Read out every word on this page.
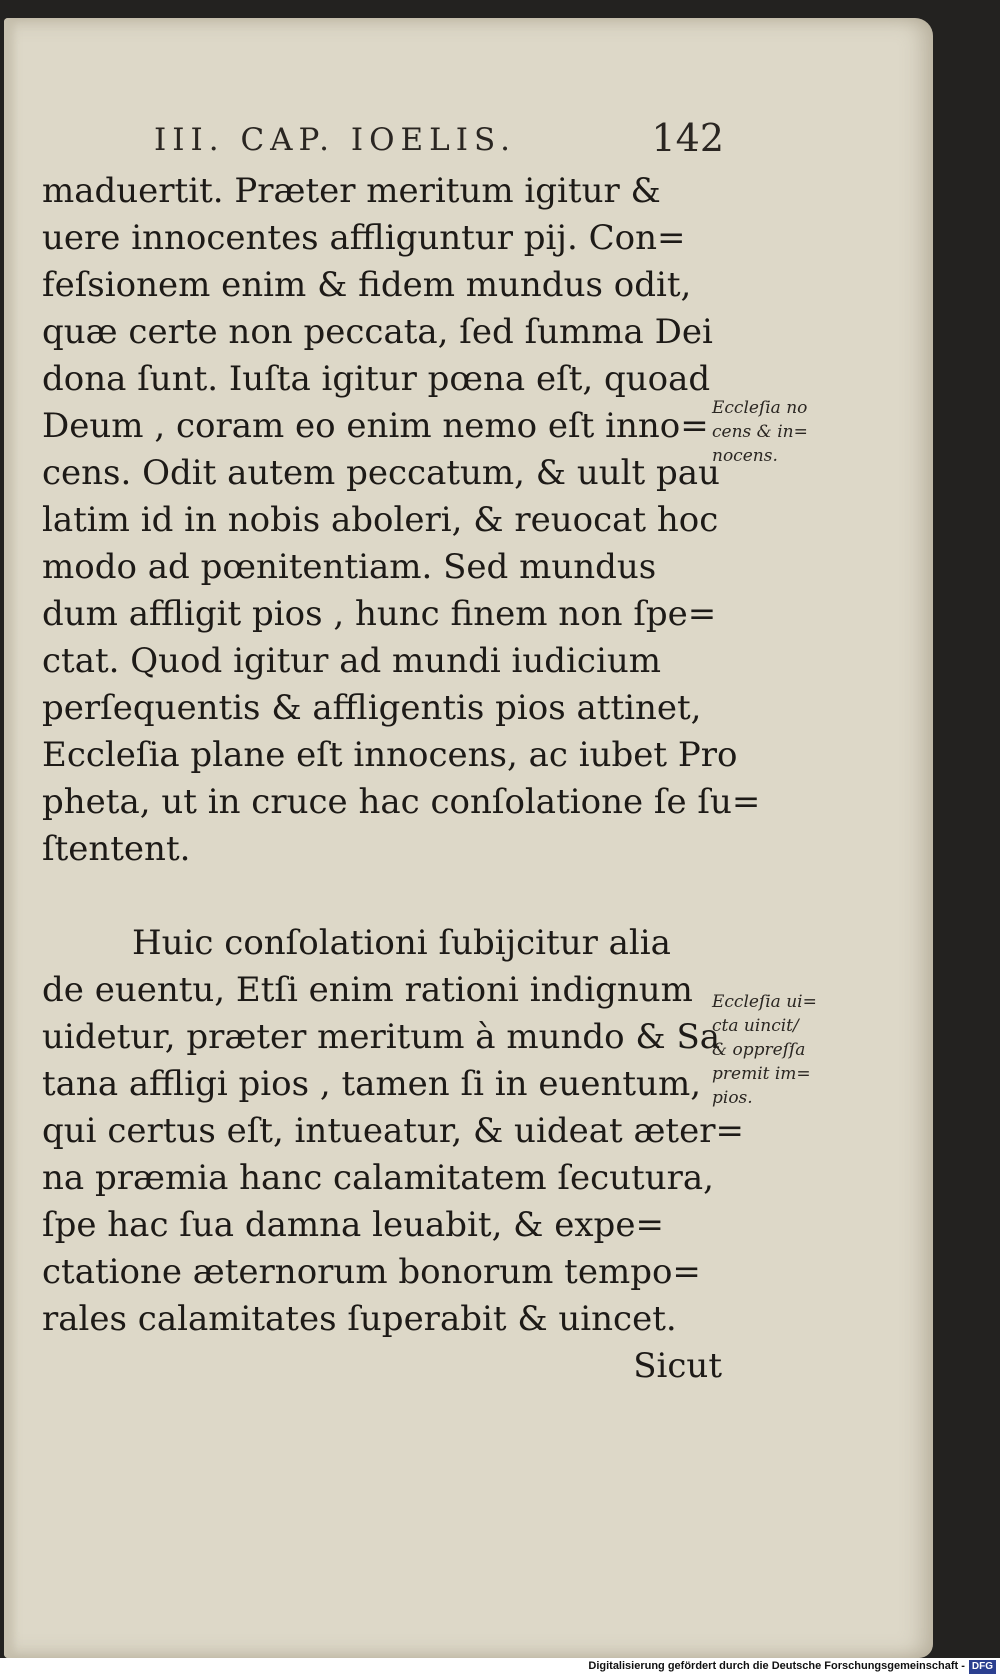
III. CAP. IOELIS.	142
maduertit. Præter meritum igitur &
uere innocentes affliguntur pij. Con=
feſsionem enim & fidem mundus odit,
quæ certe non peccata, ſed ſumma Dei
dona ſunt. Iuſta igitur pœna eſt, quoad
Deum , coram eo enim nemo eſt inno=
cens. Odit autem peccatum, & uult pau
latim id in nobis aboleri, & reuocat hoc
modo ad pœnitentiam. Sed mundus
dum affligit pios , hunc finem non ſpe=
ctat. Quod igitur ad mundi iudicium
perſequentis & affligentis pios attinet,
Eccleſia plane eſt innocens, ac iubet Pro
pheta, ut in cruce hac conſolatione ſe ſu=
ſtentent.
Huic conſolationi ſubijcitur alia
de euentu, Etſi enim rationi indignum
uidetur, præter meritum à mundo & Sa
tana affligi pios , tamen ſi in euentum,
qui certus eſt, intueatur, & uideat æter=
na præmia hanc calamitatem ſecutura,
ſpe hac ſua damna leuabit, & expe=
ctatione æternorum bonorum tempo=
rales calamitates ſuperabit & uincet.
Sicut
Eccleſia no
cens & in=
nocens.
Eccleſia ui=
cta uincit/
& oppreſſa
premit im=
pios.
Digitalisierung gefördert durch die Deutsche Forschungsgemeinschaft - DFG
